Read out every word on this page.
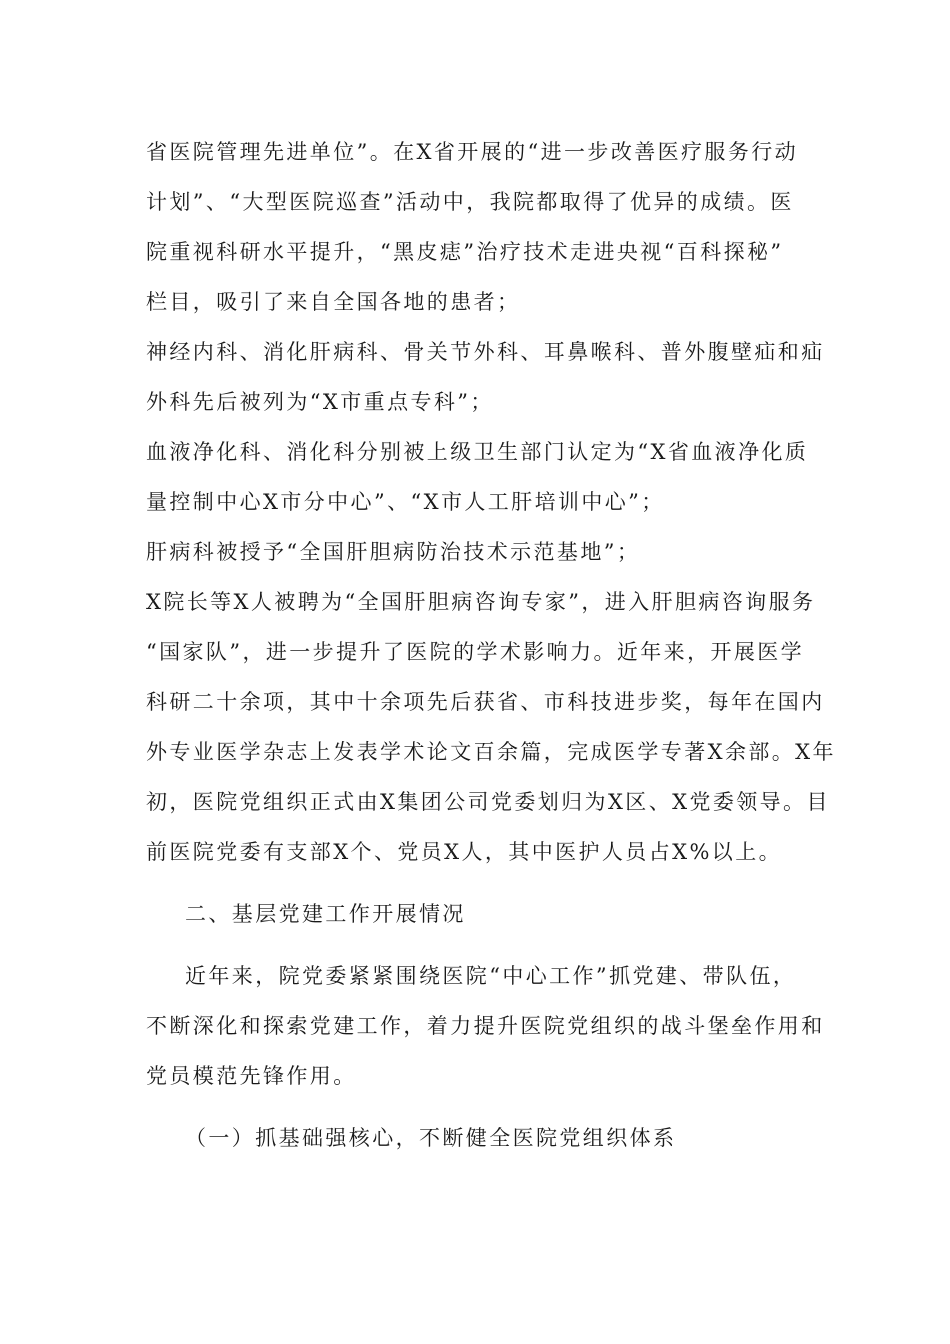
省医院管理先进单位”。在X省开展的“进一步改善医疗服务行动
计划”、“大型医院巡查”活动中，我院都取得了优异的成绩。医
院重视科研水平提升，“黑皮痣”治疗技术走进央视“百科探秘”
栏目，吸引了来自全国各地的患者；
神经内科、消化肝病科、骨关节外科、耳鼻喉科、普外腹壁疝和疝
外科先后被列为“X市重点专科”；
血液净化科、消化科分别被上级卫生部门认定为“X省血液净化质
量控制中心X市分中心”、“X市人工肝培训中心”；
肝病科被授予“全国肝胆病防治技术示范基地”；
X院长等X人被聘为“全国肝胆病咨询专家”，进入肝胆病咨询服务
“国家队”，进一步提升了医院的学术影响力。近年来，开展医学
科研二十余项，其中十余项先后获省、市科技进步奖，每年在国内
外专业医学杂志上发表学术论文百余篇，完成医学专著X余部。X年
初，医院党组织正式由X集团公司党委划归为X区、X党委领导。目
前医院党委有支部X个、党员X人，其中医护人员占X%以上。
二、基层党建工作开展情况
近年来，院党委紧紧围绕医院“中心工作”抓党建、带队伍，
不断深化和探索党建工作，着力提升医院党组织的战斗堡垒作用和
党员模范先锋作用。
（一）抓基础强核心，不断健全医院党组织体系
